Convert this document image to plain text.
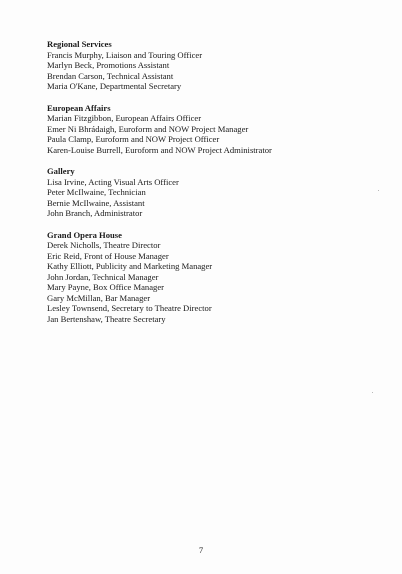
Regional Services

Francis Murphy, Liaison and Touring Officer

Marlyn Beck, Promotions Assistant

Brendan Carson, Technical Assistant

Maria O'Kane, Departmental Secretary

European Affairs

Marian Fitzgibbon, European Affairs Officer

Emer Ni Bhrádaigh, Euroform and NOW Project Manager

Paula Clamp, Euroform and NOW Project Officer

Karen-Louise Burrell, Euroform and NOW Project Administrator

Gallery

Lisa Irvine, Acting Visual Arts Officer

Peter McIlwaine, Technician

Bernie McIlwaine, Assistant

John Branch, Administrator

Grand Opera House

Derek Nicholls, Theatre Director

Eric Reid, Front of House Manager

Kathy Elliott, Publicity and Marketing Manager

John Jordan, Technical Manager

Mary Payne, Box Office Manager

Gary McMillan, Bar Manager

Lesley Townsend, Secretary to Theatre Director

Jan Bertenshaw, Theatre Secretary

7
